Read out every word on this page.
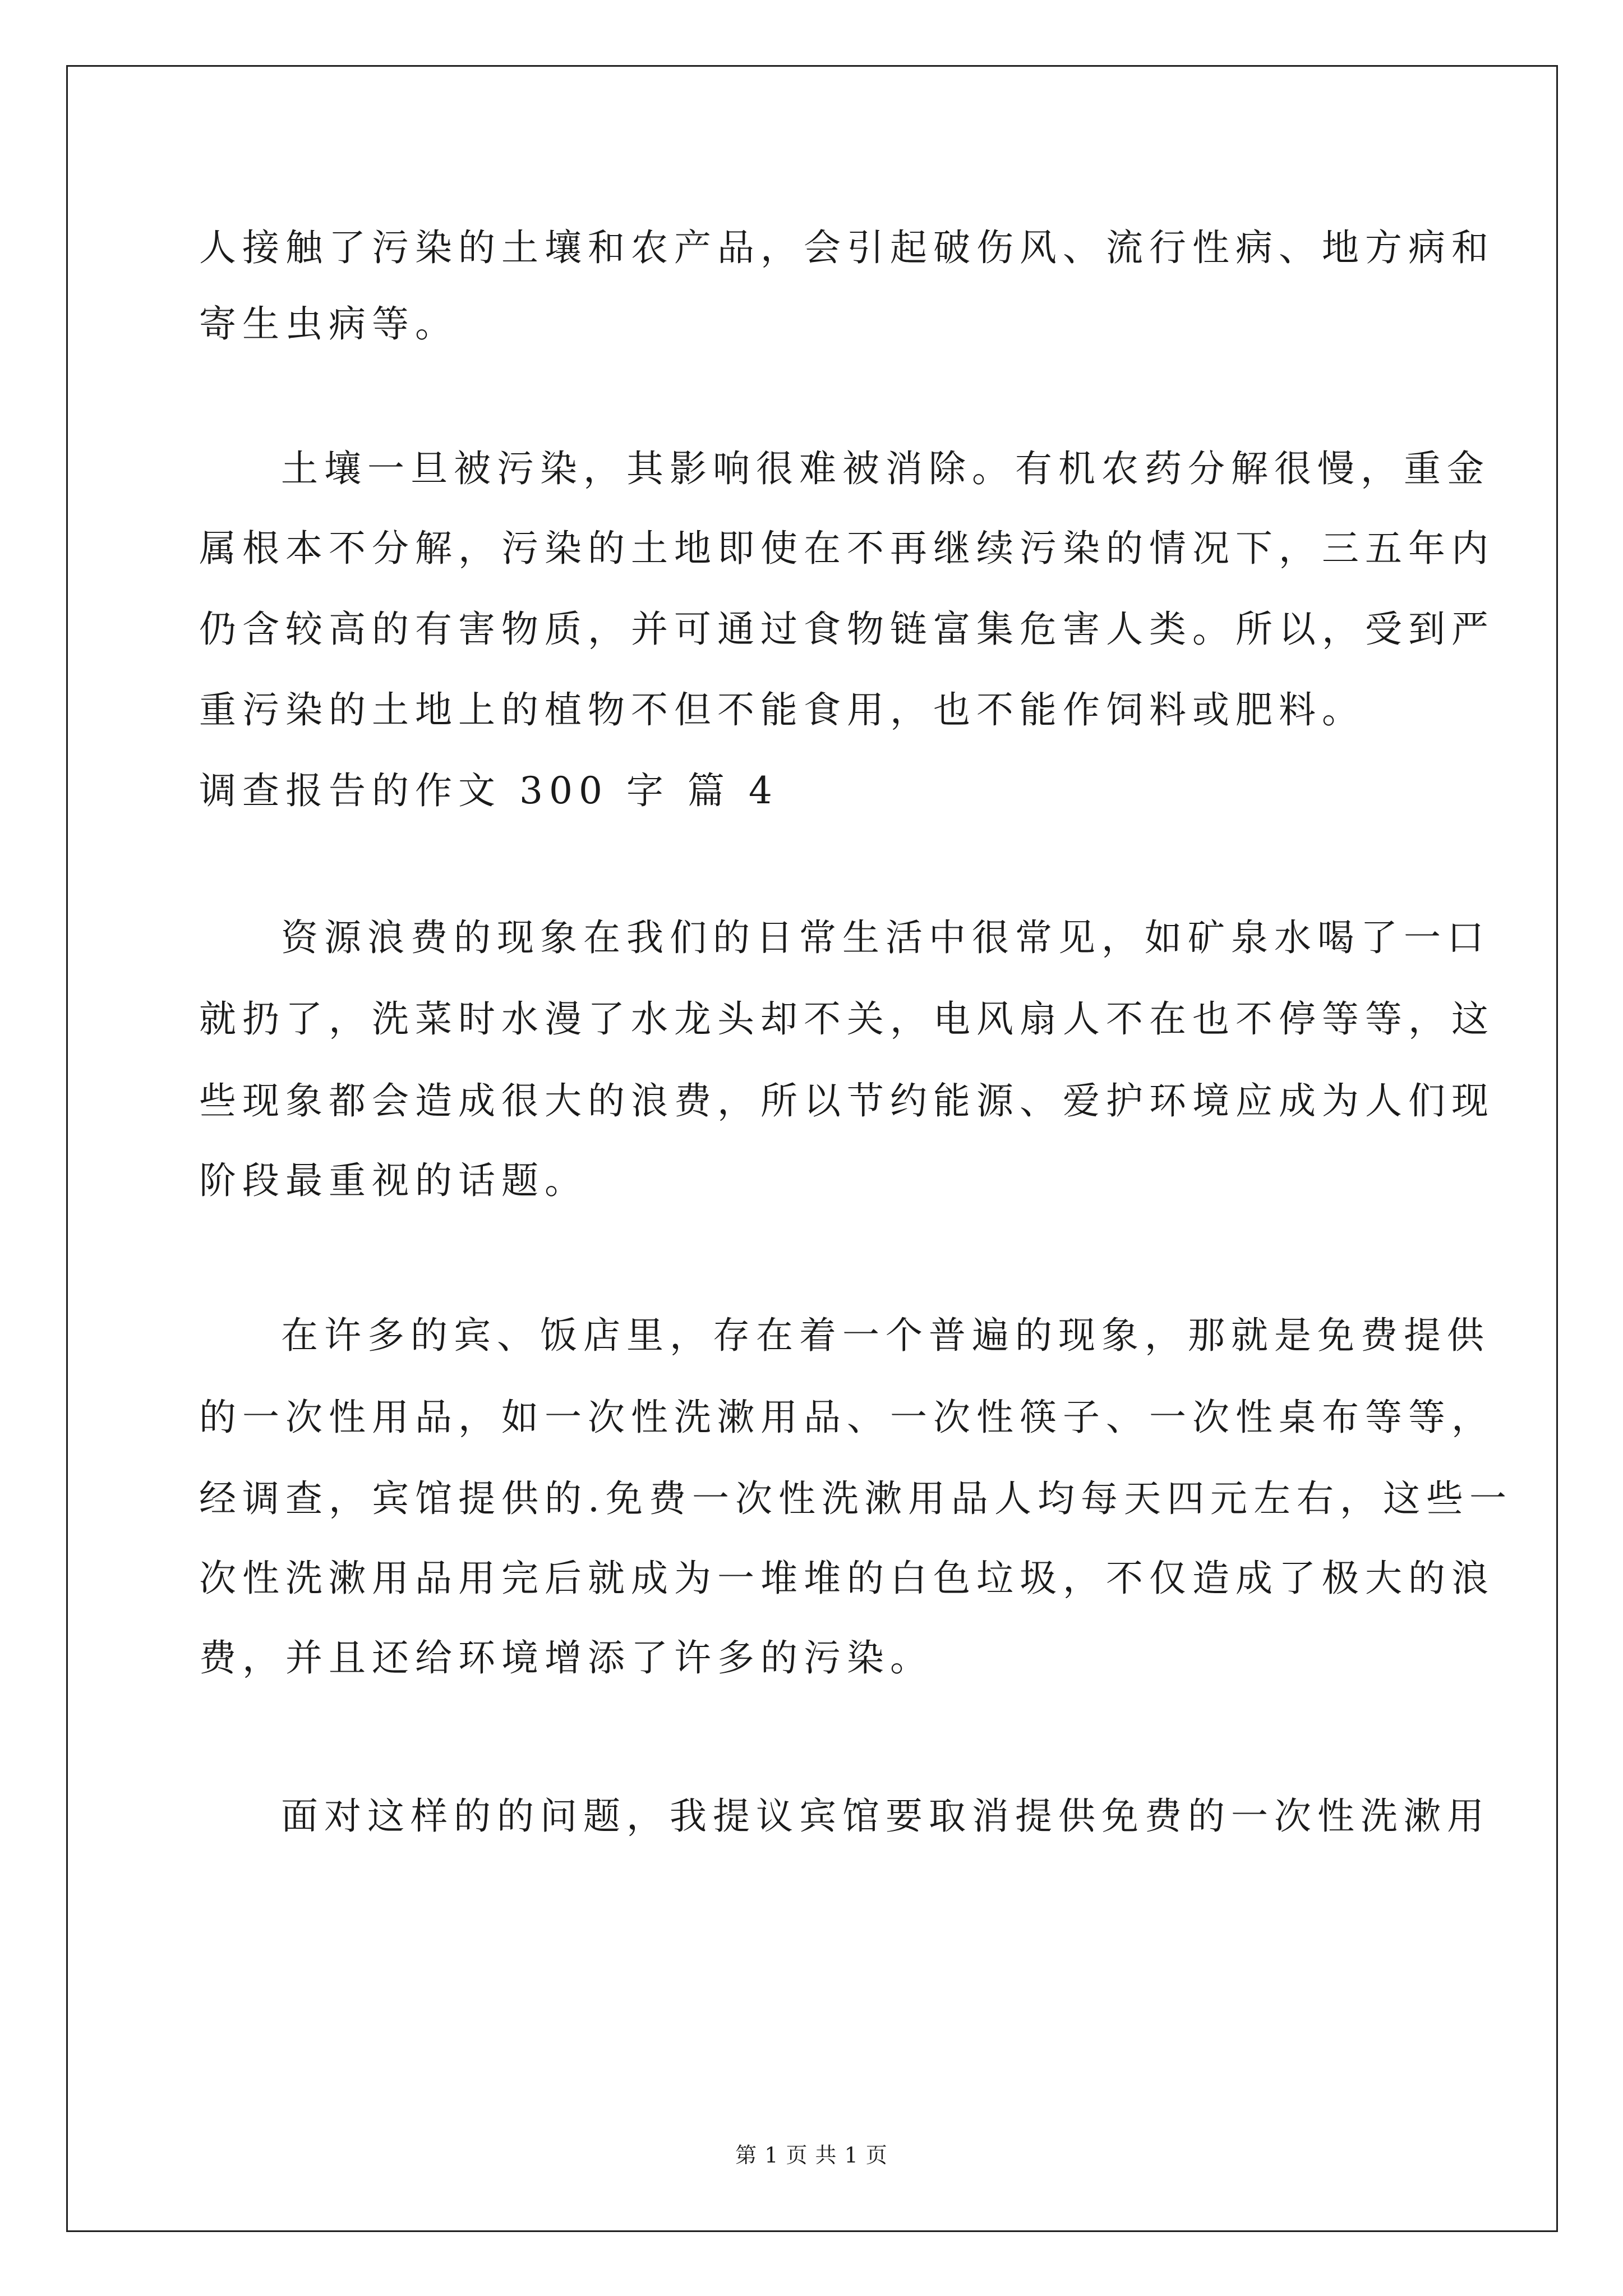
人接触了污染的土壤和农产品，会引起破伤风、流行性病、地方病和
寄生虫病等。
土壤一旦被污染，其影响很难被消除。有机农药分解很慢，重金
属根本不分解，污染的土地即使在不再继续污染的情况下，三五年内
仍含较高的有害物质，并可通过食物链富集危害人类。所以，受到严
重污染的土地上的植物不但不能食用，也不能作饲料或肥料。
调查报告的作文 300 字 篇 4
资源浪费的现象在我们的日常生活中很常见，如矿泉水喝了一口
就扔了，洗菜时水漫了水龙头却不关，电风扇人不在也不停等等，这
些现象都会造成很大的浪费，所以节约能源、爱护环境应成为人们现
阶段最重视的话题。
在许多的宾、饭店里，存在着一个普遍的现象，那就是免费提供
的一次性用品，如一次性洗漱用品、一次性筷子、一次性桌布等等，
经调查，宾馆提供的.免费一次性洗漱用品人均每天四元左右，这些一
次性洗漱用品用完后就成为一堆堆的白色垃圾，不仅造成了极大的浪
费，并且还给环境增添了许多的污染。
面对这样的的问题，我提议宾馆要取消提供免费的一次性洗漱用
第 1 页 共 1 页
